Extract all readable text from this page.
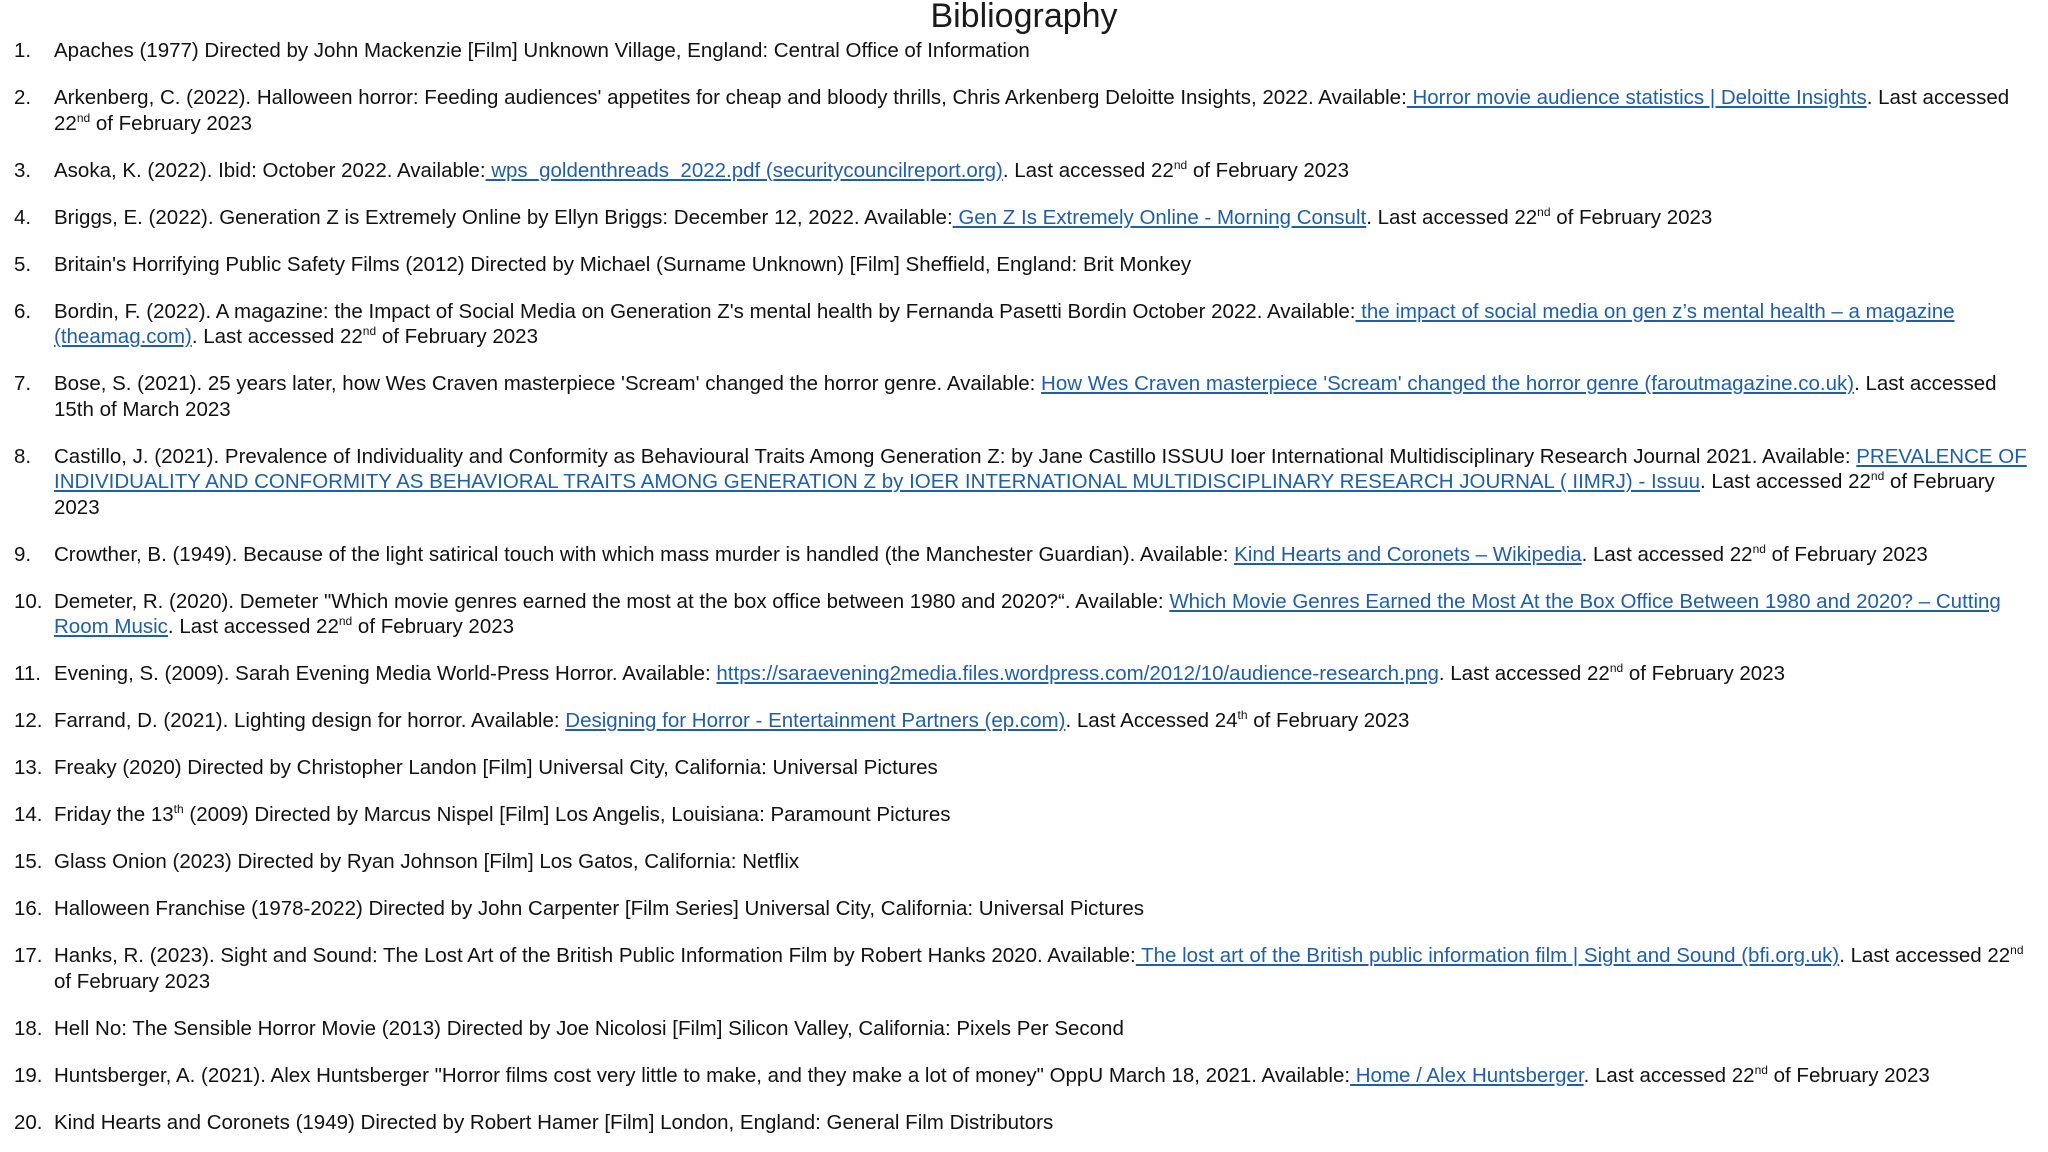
Bibliography
1. Apaches (1977) Directed by John Mackenzie [Film] Unknown Village, England: Central Office of Information
2. Arkenberg, C. (2022). Halloween horror: Feeding audiences' appetites for cheap and bloody thrills, Chris Arkenberg Deloitte Insights, 2022. Available: Horror movie audience statistics | Deloitte Insights. Last accessed 22nd of February 2023
3. Asoka, K. (2022). Ibid: October 2022. Available: wps_goldenthreads_2022.pdf (securitycouncilreport.org). Last accessed 22nd of February 2023
4. Briggs, E. (2022). Generation Z is Extremely Online by Ellyn Briggs: December 12, 2022. Available: Gen Z Is Extremely Online - Morning Consult. Last accessed 22nd of February 2023
5. Britain's Horrifying Public Safety Films (2012) Directed by Michael (Surname Unknown) [Film] Sheffield, England: Brit Monkey
6. Bordin, F. (2022). A magazine: the Impact of Social Media on Generation Z's mental health by Fernanda Pasetti Bordin October 2022. Available: the impact of social media on gen z’s mental health – a magazine (theamag.com). Last accessed 22nd of February 2023
7. Bose, S. (2021). 25 years later, how Wes Craven masterpiece 'Scream' changed the horror genre. Available: How Wes Craven masterpiece 'Scream' changed the horror genre (faroutmagazine.co.uk). Last accessed 15th of March 2023
8. Castillo, J. (2021). Prevalence of Individuality and Conformity as Behavioural Traits Among Generation Z: by Jane Castillo ISSUU Ioer International Multidisciplinary Research Journal 2021. Available: PREVALENCE OF INDIVIDUALITY AND CONFORMITY AS BEHAVIORAL TRAITS AMONG GENERATION Z by IOER INTERNATIONAL MULTIDISCIPLINARY RESEARCH JOURNAL ( IIMRJ) - Issuu. Last accessed 22nd of February 2023
9. Crowther, B. (1949). Because of the light satirical touch with which mass murder is handled (the Manchester Guardian). Available: Kind Hearts and Coronets – Wikipedia. Last accessed 22nd of February 2023
10. Demeter, R. (2020). Demeter "Which movie genres earned the most at the box office between 1980 and 2020?“. Available: Which Movie Genres Earned the Most At the Box Office Between 1980 and 2020? – Cutting Room Music. Last accessed 22nd of February 2023
11. Evening, S. (2009). Sarah Evening Media World-Press Horror. Available: https://saraevening2media.files.wordpress.com/2012/10/audience-research.png. Last accessed 22nd of February 2023
12. Farrand, D. (2021). Lighting design for horror. Available: Designing for Horror - Entertainment Partners (ep.com). Last Accessed 24th of February 2023
13. Freaky (2020) Directed by Christopher Landon [Film] Universal City, California: Universal Pictures
14. Friday the 13th (2009) Directed by Marcus Nispel [Film] Los Angelis, Louisiana: Paramount Pictures
15. Glass Onion (2023) Directed by Ryan Johnson [Film] Los Gatos, California: Netflix
16. Halloween Franchise (1978-2022) Directed by John Carpenter [Film Series] Universal City, California: Universal Pictures
17. Hanks, R. (2023). Sight and Sound: The Lost Art of the British Public Information Film by Robert Hanks 2020. Available: The lost art of the British public information film | Sight and Sound (bfi.org.uk). Last accessed 22nd of February 2023
18. Hell No: The Sensible Horror Movie (2013) Directed by Joe Nicolosi [Film] Silicon Valley, California: Pixels Per Second
19. Huntsberger, A. (2021). Alex Huntsberger "Horror films cost very little to make, and they make a lot of money" OppU March 18, 2021. Available: Home / Alex Huntsberger. Last accessed 22nd of February 2023
20. Kind Hearts and Coronets (1949) Directed by Robert Hamer [Film] London, England: General Film Distributors
